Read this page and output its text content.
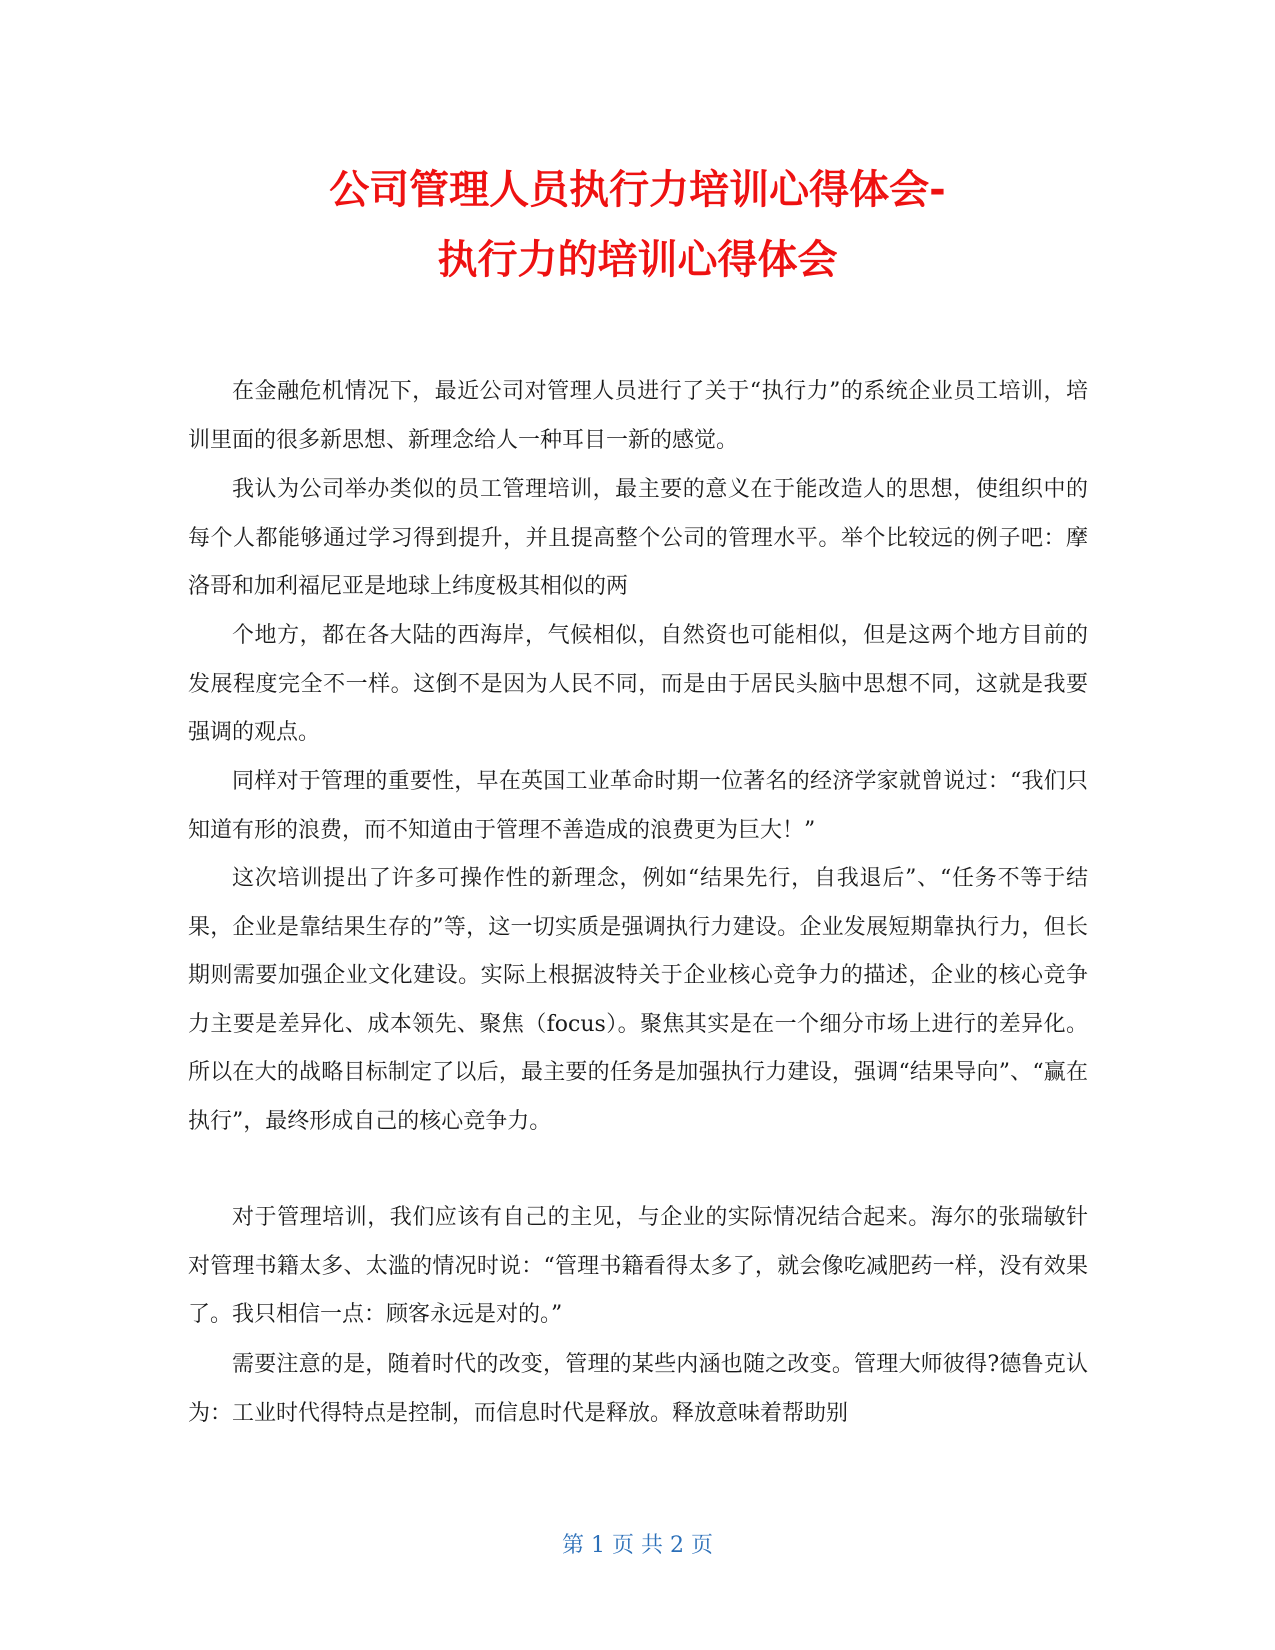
公司管理人员执行力培训心得体会-
执行力的培训心得体会

在金融危机情况下，最近公司对管理人员进行了关于“执行力”的系统企业员工培训，培训里面的很多新思想、新理念给人一种耳目一新的感觉。

我认为公司举办类似的员工管理培训，最主要的意义在于能改造人的思想，使组织中的每个人都能够通过学习得到提升，并且提高整个公司的管理水平。举个比较远的例子吧：摩洛哥和加利福尼亚是地球上纬度极其相似的两

个地方，都在各大陆的西海岸，气候相似，自然资也可能相似，但是这两个地方目前的发展程度完全不一样。这倒不是因为人民不同，而是由于居民头脑中思想不同，这就是我要强调的观点。

同样对于管理的重要性，早在英国工业革命时期一位著名的经济学家就曾说过：“我们只知道有形的浪费，而不知道由于管理不善造成的浪费更为巨大！”

这次培训提出了许多可操作性的新理念，例如“结果先行，自我退后”、“任务不等于结果，企业是靠结果生存的”等，这一切实质是强调执行力建设。企业发展短期靠执行力，但长期则需要加强企业文化建设。实际上根据波特关于企业核心竞争力的描述，企业的核心竞争力主要是差异化、成本领先、聚焦（focus）。聚焦其实是在一个细分市场上进行的差异化。所以在大的战略目标制定了以后，最主要的任务是加强执行力建设，强调“结果导向”、“赢在执行”，最终形成自己的核心竞争力。

对于管理培训，我们应该有自己的主见，与企业的实际情况结合起来。海尔的张瑞敏针对管理书籍太多、太滥的情况时说：“管理书籍看得太多了，就会像吃减肥药一样，没有效果了。我只相信一点：顾客永远是对的。”

需要注意的是，随着时代的改变，管理的某些内涵也随之改变。管理大师彼得?德鲁克认为：工业时代得特点是控制，而信息时代是释放。释放意味着帮助别

第 1 页 共 2 页
